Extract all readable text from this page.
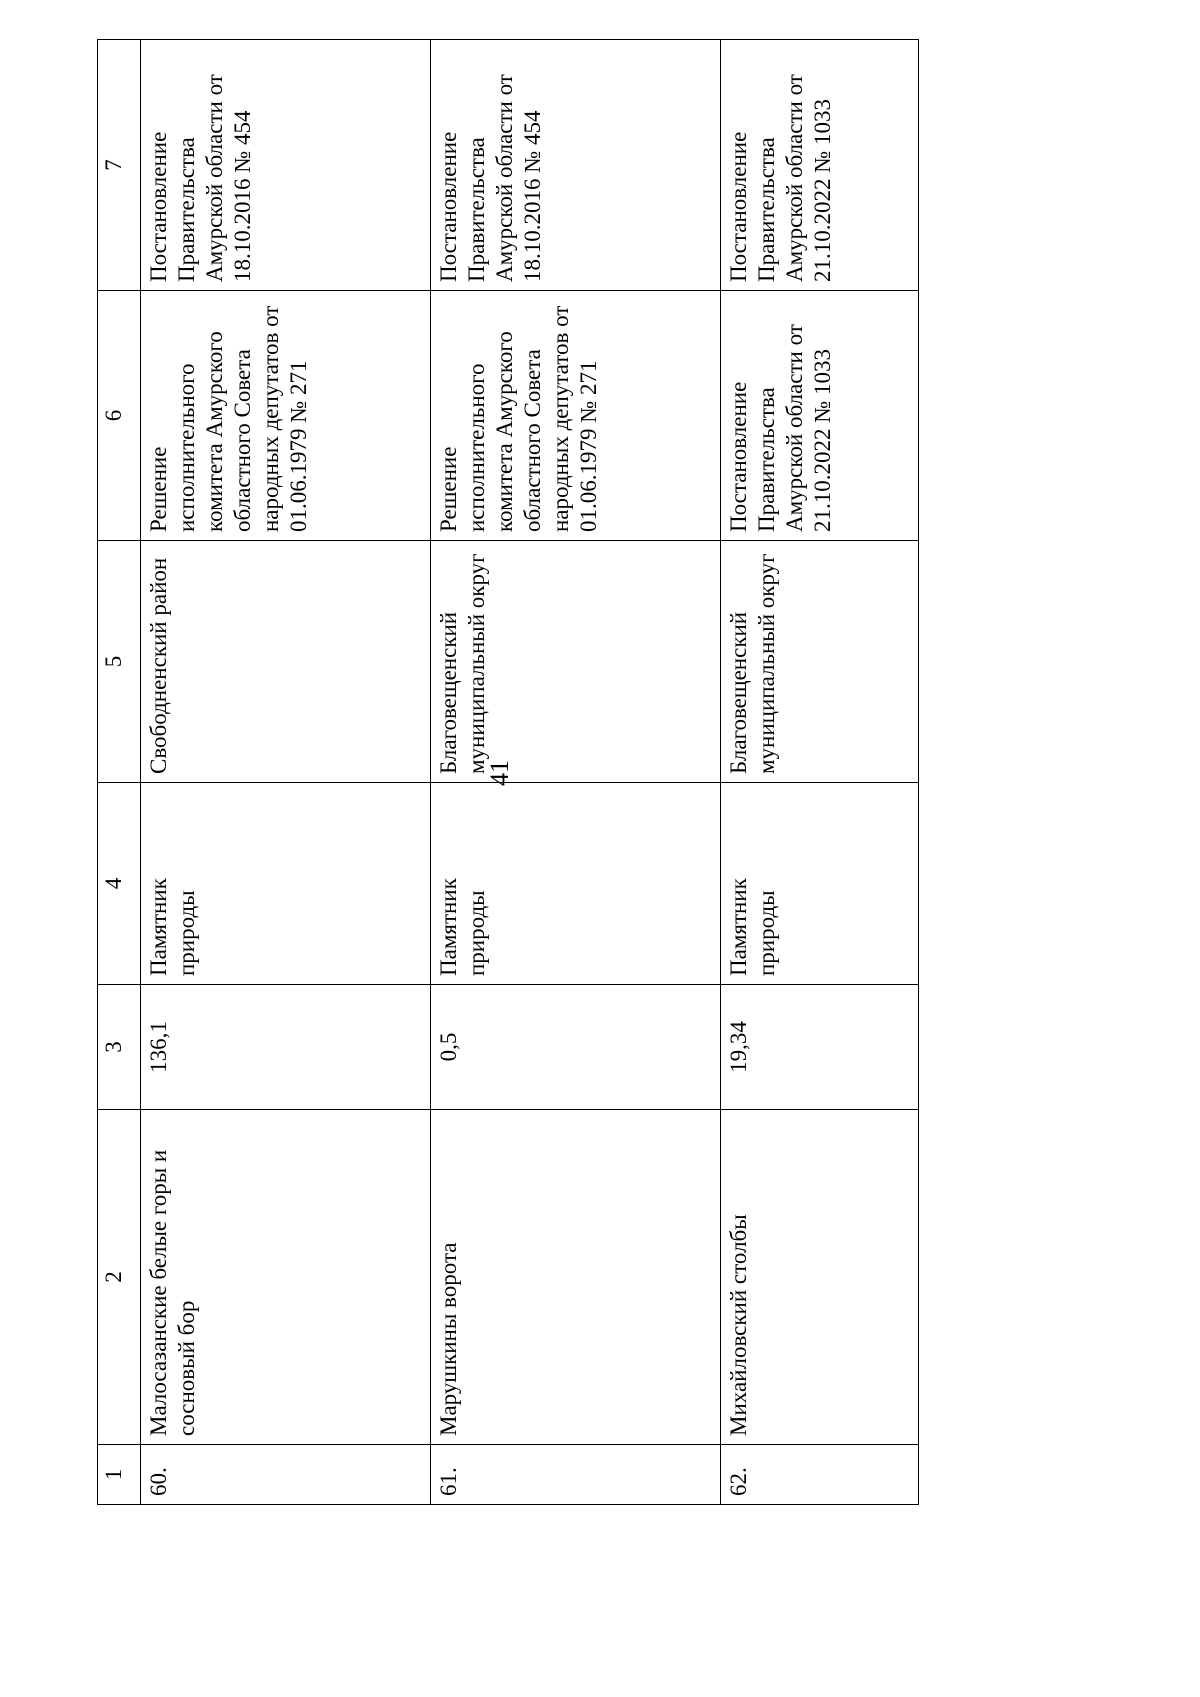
41
1	2	3	4	5	6	7
60.	Малосазанские белые горы и сосновый бор	136,1	Памятник природы	Свободненский район	Решение исполнительного комитета Амурского областного Совета народных депутатов от 01.06.1979 № 271	Постановление Правительства Амурской области от 18.10.2016 № 454
61.	Марушкины ворота	0,5	Памятник природы	Благовещенский муниципальный округ	Решение исполнительного комитета Амурского областного Совета народных депутатов от 01.06.1979 № 271	Постановление Правительства Амурской области от 18.10.2016 № 454
62.	Михайловский столбы	19,34	Памятник природы	Благовещенский муниципальный округ	Постановление Правительства Амурской области от 21.10.2022 № 1033	Постановление Правительства Амурской области от 21.10.2022 № 1033
